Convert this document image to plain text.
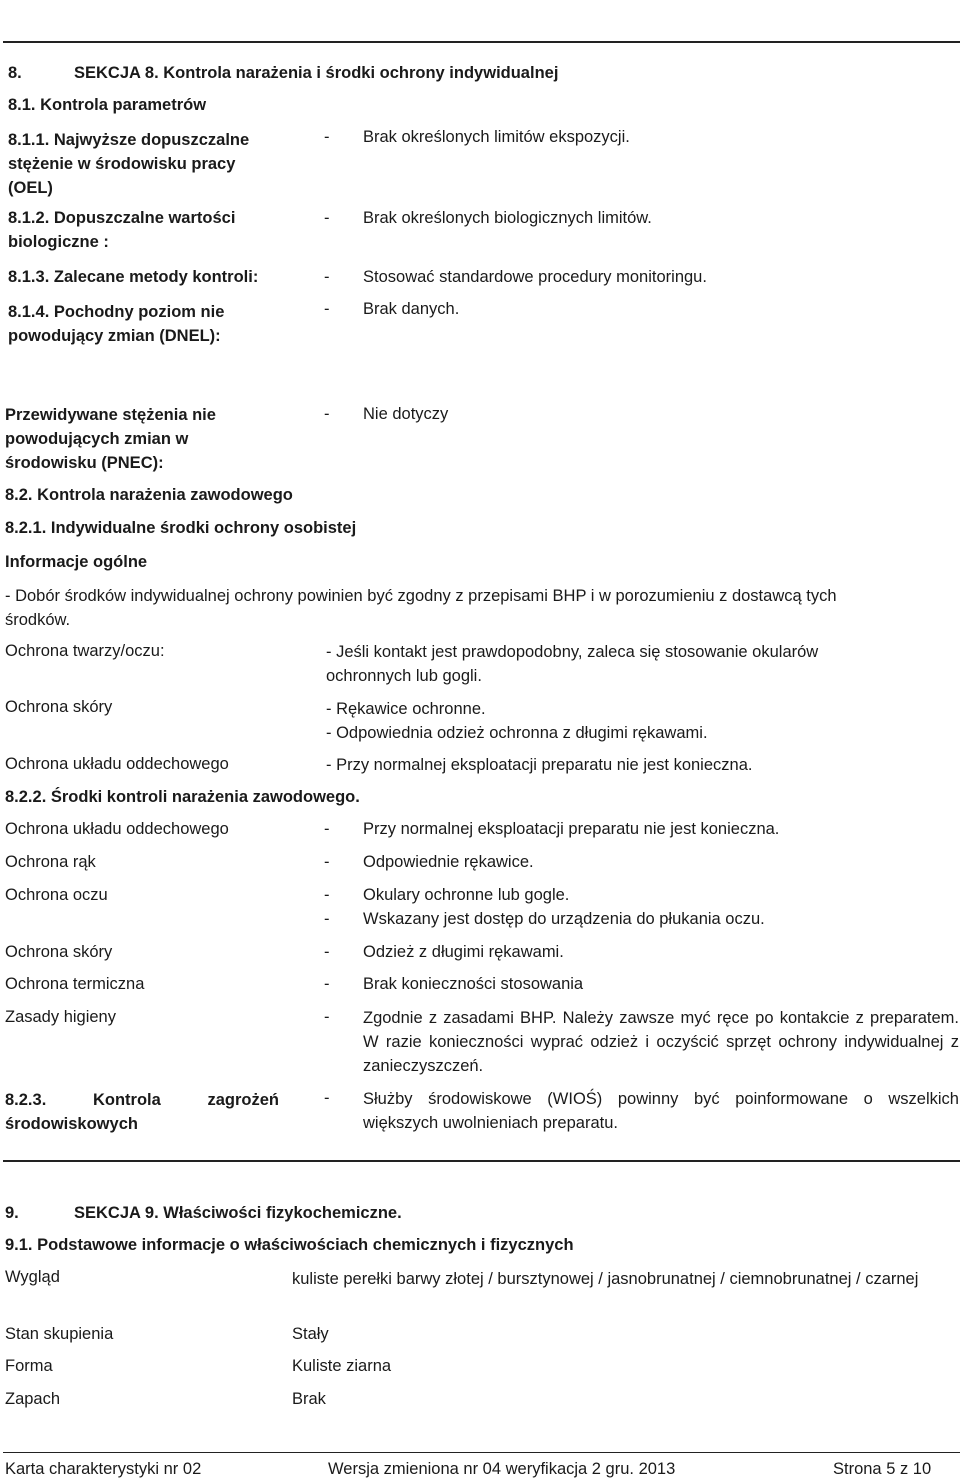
8.	SEKCJA 8. Kontrola narażenia i środki ochrony indywidualnej
8.1. Kontrola parametrów
8.1.1. Najwyższe dopuszczalne
stężenie w środowisku pracy
(OEL)
- Brak określonych limitów ekspozycji.
8.1.2. Dopuszczalne wartości
biologiczne :
- Brak określonych biologicznych limitów.
8.1.3. Zalecane metody kontroli:	- Stosować standardowe procedury monitoringu.
8.1.4. Pochodny poziom nie
powodujący zmian (DNEL):
- Brak danych.
Przewidywane stężenia nie
powodujących zmian w
środowisku (PNEC):
- Nie dotyczy
8.2. Kontrola narażenia zawodowego
8.2.1. Indywidualne środki ochrony osobistej
Informacje ogólne
- Dobór środków indywidualnej ochrony powinien być zgodny z przepisami BHP i w porozumieniu z dostawcą tych
środków.
Ochrona twarzy/oczu:	- Jeśli kontakt jest prawdopodobny, zaleca się stosowanie okularów
ochronnych lub gogli.
Ochrona skóry	- Rękawice ochronne.
- Odpowiednia odzież ochronna z długimi rękawami.
Ochrona układu oddechowego	- Przy normalnej eksploatacji preparatu nie jest konieczna.
8.2.2. Środki kontroli narażenia zawodowego.
Ochrona układu oddechowego	- Przy normalnej eksploatacji preparatu nie jest konieczna.
Ochrona rąk	- Odpowiednie rękawice.
Ochrona oczu	- Okulary ochronne lub gogle.
- Wskazany jest dostęp do urządzenia do płukania oczu.
Ochrona skóry	- Odzież z długimi rękawami.
Ochrona termiczna	- Brak konieczności stosowania
Zasady higieny	- Zgodnie z zasadami BHP. Należy zawsze myć ręce po kontakcie z preparatem. W razie konieczności wyprać odzież i oczyścić sprzęt ochrony indywidualnej z zanieczyszczeń.
8.2.3. Kontrola zagrożeń środowiskowych
- Służby środowiskowe (WIOŚ) powinny być poinformowane o wszelkich większych uwolnieniach preparatu.
9.	SEKCJA 9. Właściwości fizykochemiczne.
9.1. Podstawowe informacje o właściwościach chemicznych i fizycznych
Wygląd	kuliste perełki barwy złotej / bursztynowej / jasnobrunatnej / ciemnobrunatnej / czarnej
Stan skupienia	Stały
Forma	Kuliste ziarna
Zapach	Brak
Karta charakterystyki nr 02	Wersja zmieniona nr 04 weryfikacja 2 gru. 2013	Strona 5 z 10
